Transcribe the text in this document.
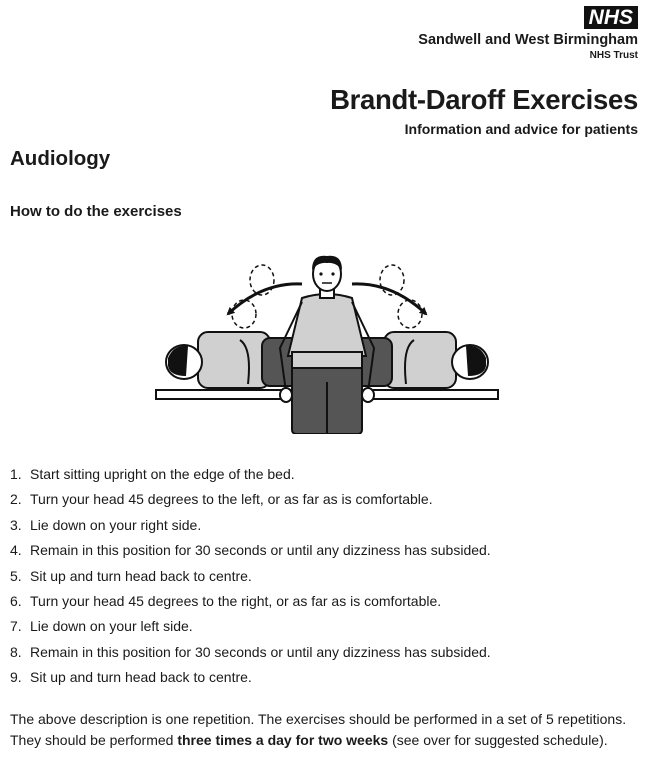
NHS
Sandwell and West Birmingham
NHS Trust
Brandt-Daroff Exercises
Information and advice for patients
Audiology
How to do the exercises
1. Start sitting upright on the edge of the bed.
2. Turn your head 45 degrees to the left, or as far as is comfortable.
3. Lie down on your right side.
4. Remain in this position for 30 seconds or until any dizziness has subsided.
5. Sit up and turn head back to centre.
6. Turn your head 45 degrees to the right, or as far as is comfortable.
7. Lie down on your left side.
8. Remain in this position for 30 seconds or until any dizziness has subsided.
9. Sit up and turn head back to centre.

The above description is one repetition. The exercises should be performed in a set of 5 repetitions. They should be performed three times a day for two weeks (see over for suggested schedule).
